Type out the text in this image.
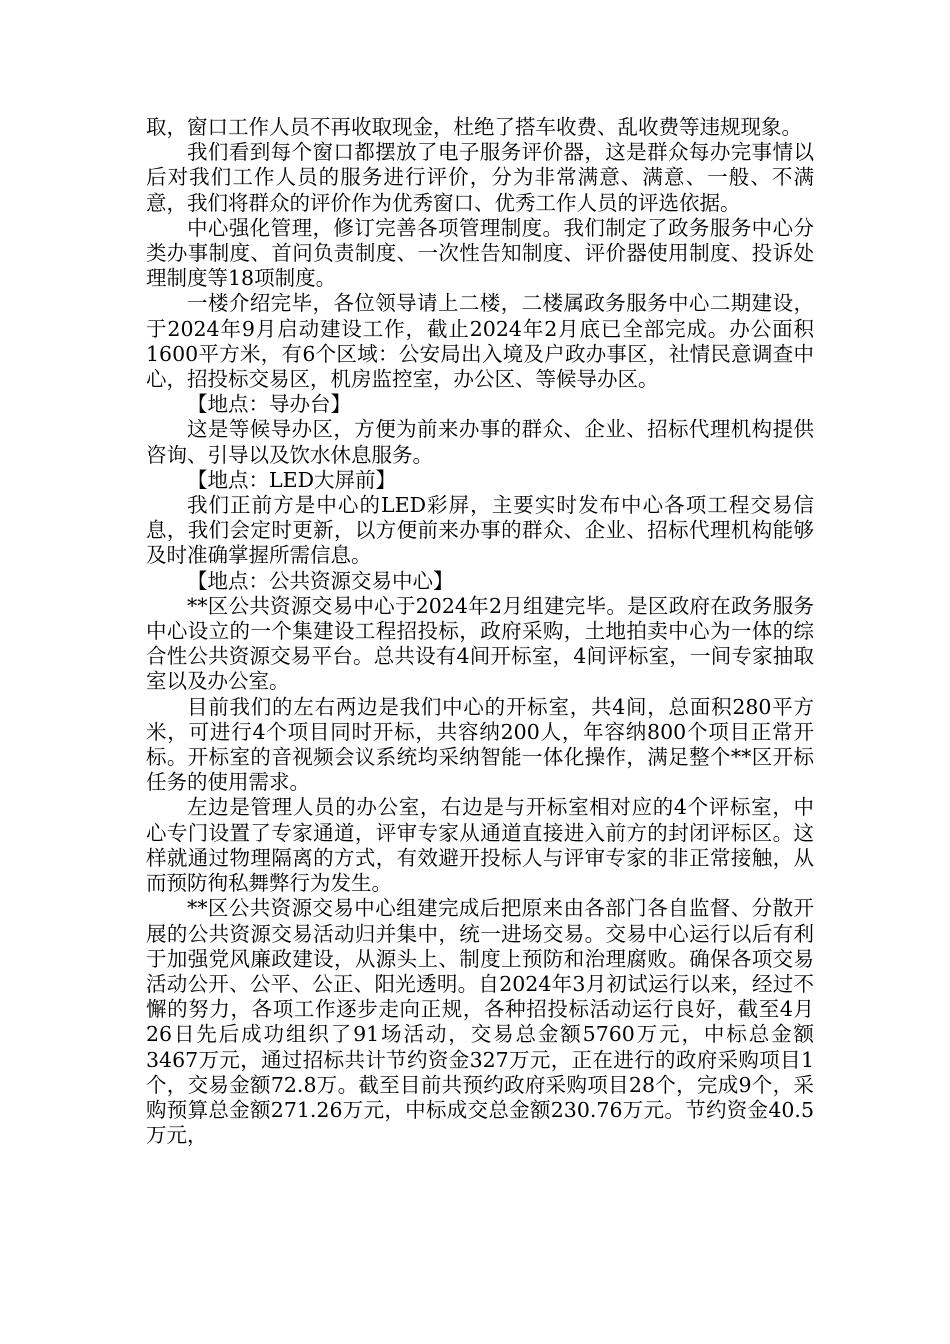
取，窗口工作人员不再收取现金，杜绝了搭车收费、乱收费等违规现象。

我们看到每个窗口都摆放了电子服务评价器，这是群众每办完事情以后对我们工作人员的服务进行评价，分为非常满意、满意、一般、不满意，我们将群众的评价作为优秀窗口、优秀工作人员的评选依据。

中心强化管理，修订完善各项管理制度。我们制定了政务服务中心分类办事制度、首问负责制度、一次性告知制度、评价器使用制度、投诉处理制度等18项制度。

一楼介绍完毕，各位领导请上二楼，二楼属政务服务中心二期建设，于2024年9月启动建设工作，截止2024年2月底已全部完成。办公面积1600平方米，有6个区域：公安局出入境及户政办事区，社情民意调查中心，招投标交易区，机房监控室，办公区、等候导办区。

【地点：导办台】

这是等候导办区，方便为前来办事的群众、企业、招标代理机构提供咨询、引导以及饮水休息服务。

【地点：LED大屏前】

我们正前方是中心的LED彩屏，主要实时发布中心各项工程交易信息，我们会定时更新，以方便前来办事的群众、企业、招标代理机构能够及时准确掌握所需信息。

【地点：公共资源交易中心】

**区公共资源交易中心于2024年2月组建完毕。是区政府在政务服务中心设立的一个集建设工程招投标，政府采购，土地拍卖中心为一体的综合性公共资源交易平台。总共设有4间开标室，4间评标室，一间专家抽取室以及办公室。

目前我们的左右两边是我们中心的开标室，共4间，总面积280平方米，可进行4个项目同时开标，共容纳200人，年容纳800个项目正常开标。开标室的音视频会议系统均采纳智能一体化操作，满足整个**区开标任务的使用需求。

左边是管理人员的办公室，右边是与开标室相对应的4个评标室，中心专门设置了专家通道，评审专家从通道直接进入前方的封闭评标区。这样就通过物理隔离的方式，有效避开投标人与评审专家的非正常接触，从而预防徇私舞弊行为发生。

**区公共资源交易中心组建完成后把原来由各部门各自监督、分散开展的公共资源交易活动归并集中，统一进场交易。交易中心运行以后有利于加强党风廉政建设，从源头上、制度上预防和治理腐败。确保各项交易活动公开、公平、公正、阳光透明。自2024年3月初试运行以来，经过不懈的努力，各项工作逐步走向正规，各种招投标活动运行良好，截至4月26日先后成功组织了91场活动，交易总金额5760万元，中标总金额3467万元，通过招标共计节约资金327万元，正在进行的政府采购项目1个，交易金额72.8万。截至目前共预约政府采购项目28个，完成9个，采购预算总金额271.26万元，中标成交总金额230.76万元。节约资金40.5万元，
